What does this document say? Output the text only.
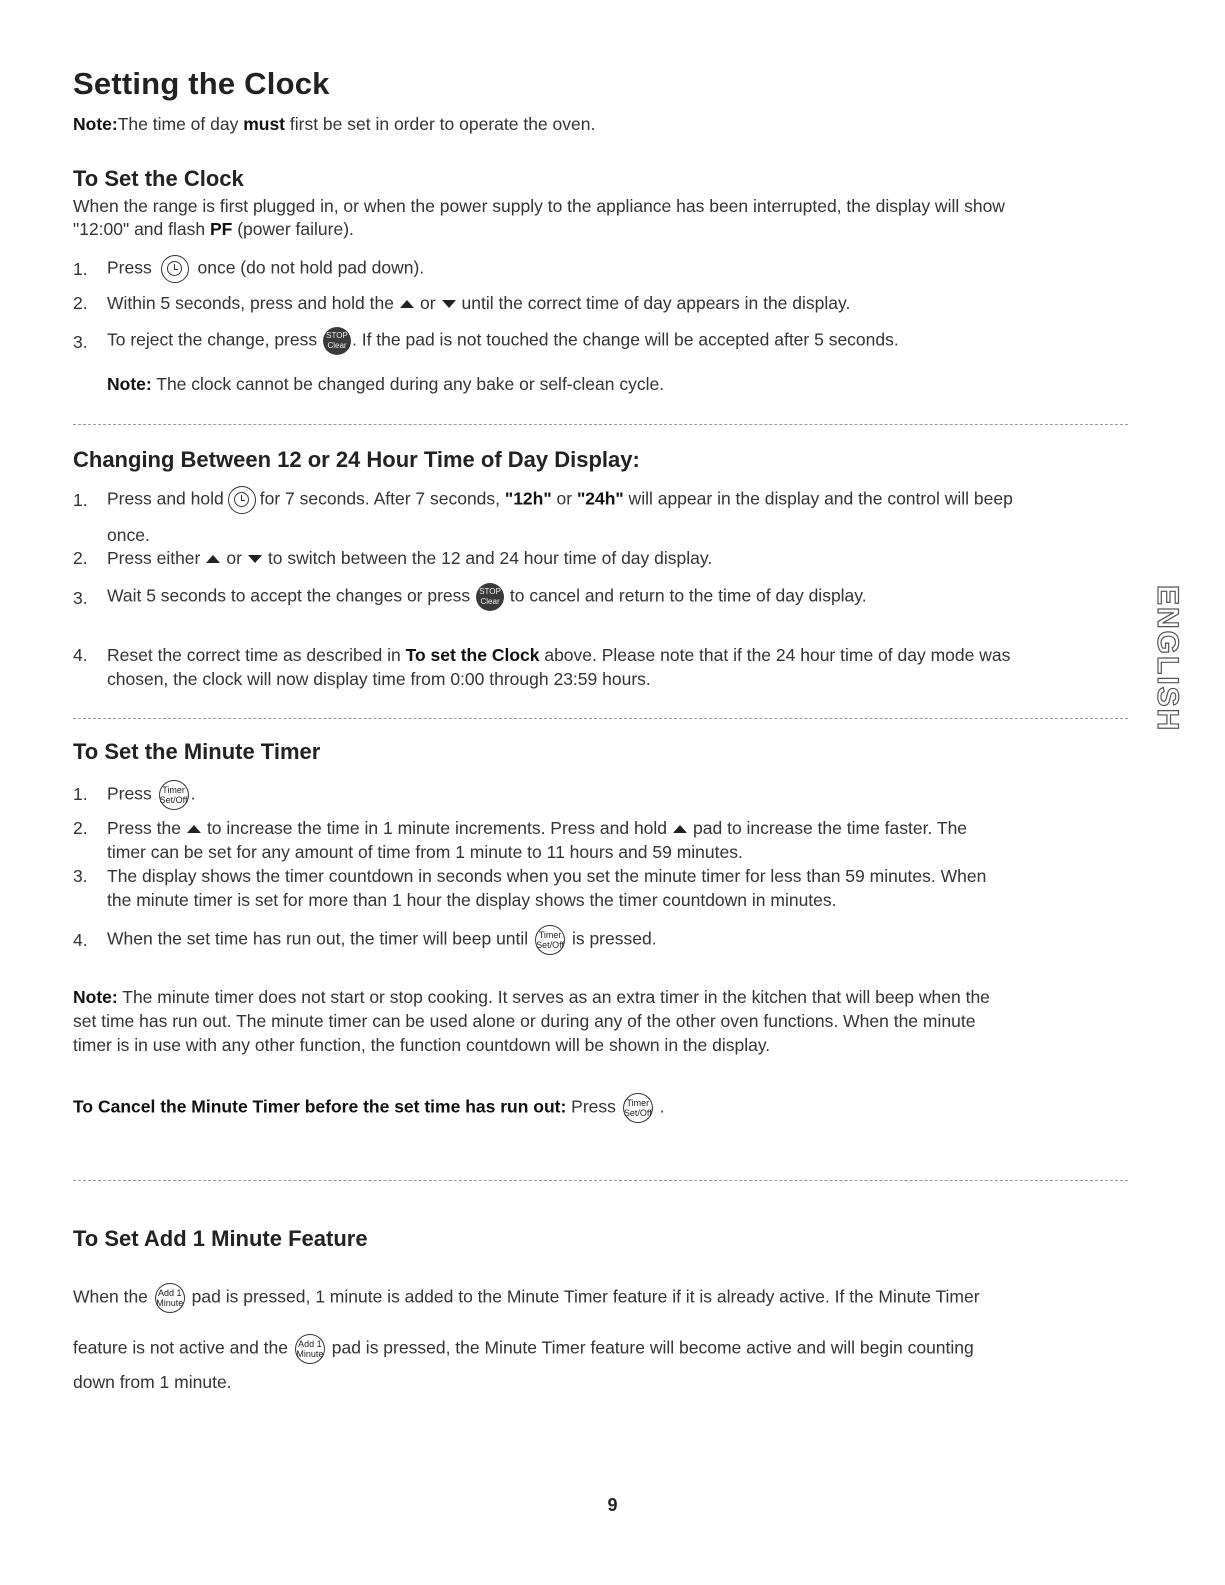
Setting the Clock
Note:The time of day must first be set in order to operate the oven.
To Set the Clock
When the range is first plugged in, or when the power supply to the appliance has been interrupted, the display will show
"12:00" and flash PF (power failure).
1. Press	once (do not hold pad down).
2. Within 5 seconds, press and hold the or until the correct time of day appears in the display.
3. To reject the change, press STOP
Clear . If the pad is not touched the change will be accepted after 5 seconds.
Note: The clock cannot be changed during any bake or self-clean cycle.
Changing Between 12 or 24 Hour Time of Day Display:
1. Press and hold for 7 seconds. After 7 seconds, "12h" or "24h" will appear in the display and the control will beep
once.
2. Press either or to switch between the 12 and 24 hour time of day display.
3. Wait 5 seconds to accept the changes or press STOP
Clear to cancel and return to the time of day display.
4. Reset the correct time as described in To set the Clock above. Please note that if the 24 hour time of day mode was
chosen, the clock will now display time from 0:00 through 23:59 hours.	ENGLISH
To Set the Minute Timer
1. Press Timer
Set/Off .
2. Press the to increase the time in 1 minute increments. Press and hold pad to increase the time faster. The
timer can be set for any amount of time from 1 minute to 11 hours and 59 minutes.
3. The display shows the timer countdown in seconds when you set the minute timer for less than 59 minutes. When
the minute timer is set for more than 1 hour the display shows the timer countdown in minutes.
4. When the set time has run out, the timer will beep until Timer
Set/Off is pressed.
Note: The minute timer does not start or stop cooking. It serves as an extra timer in the kitchen that will beep when the
set time has run out. The minute timer can be used alone or during any of the other oven functions. When the minute
timer is in use with any other function, the function countdown will be shown in the display.
To Cancel the Minute Timer before the set time has run out: Press Timer
Set/Off .
To Set Add 1 Minute Feature
When the Add 1
Minute pad is pressed, 1 minute is added to the Minute Timer feature if it is already active. If the Minute Timer
feature is not active and the Add 1
Minute pad is pressed, the Minute Timer feature will become active and will begin counting
down from 1 minute.
9
